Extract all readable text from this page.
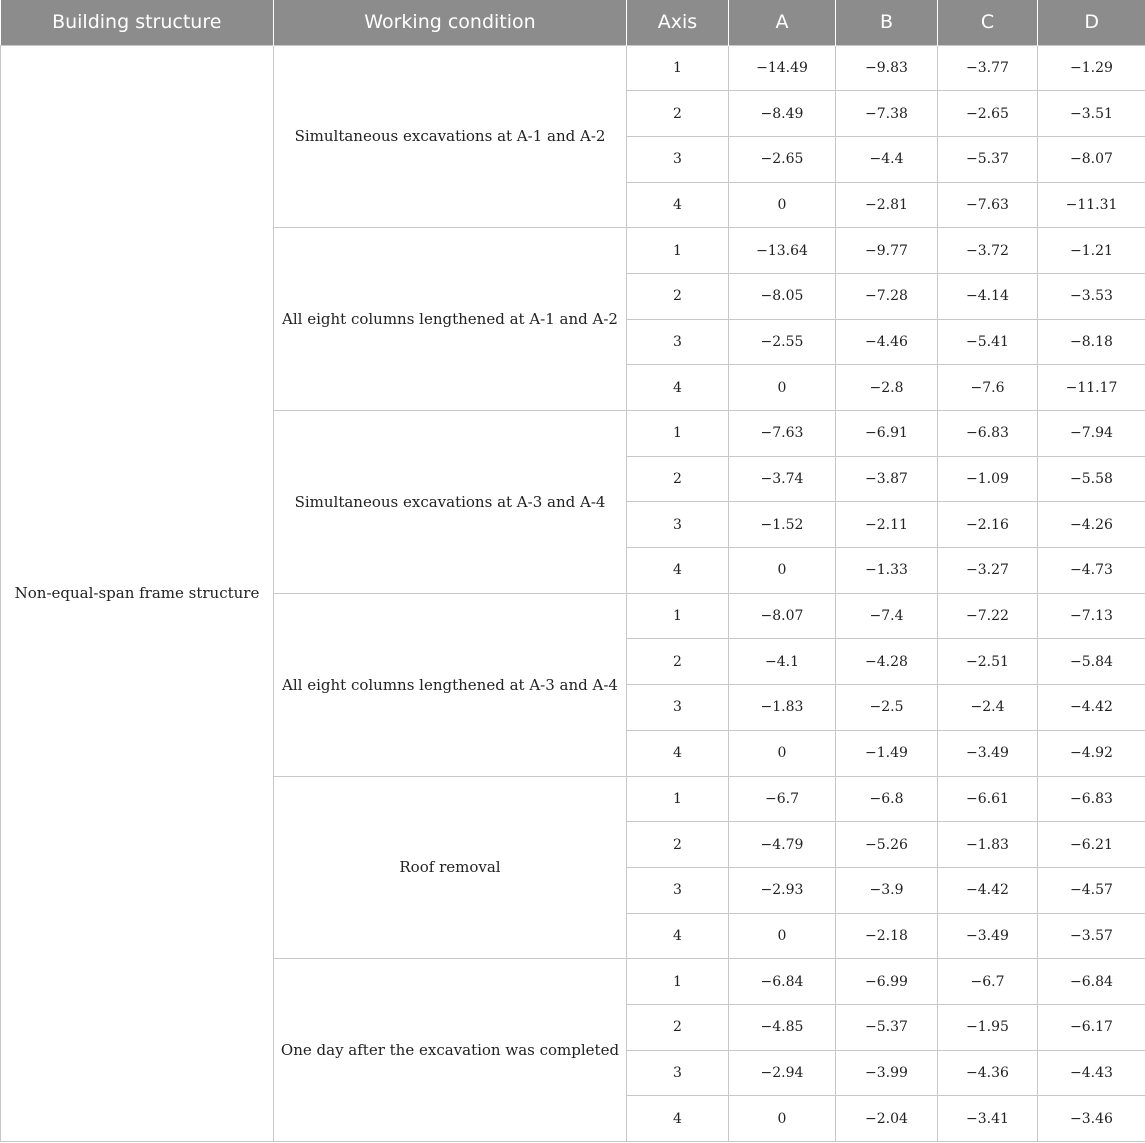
Building structure	Working condition	Axis	A	B	C	D
Non-equal-span frame structure	Simultaneous excavations at A-1 and A-2	1	−14.49	−9.83	−3.77	−1.29
		2	−8.49	−7.38	−2.65	−3.51
		3	−2.65	−4.4	−5.37	−8.07
		4	0	−2.81	−7.63	−11.31
	All eight columns lengthened at A-1 and A-2	1	−13.64	−9.77	−3.72	−1.21
		2	−8.05	−7.28	−4.14	−3.53
		3	−2.55	−4.46	−5.41	−8.18
		4	0	−2.8	−7.6	−11.17
	Simultaneous excavations at A-3 and A-4	1	−7.63	−6.91	−6.83	−7.94
		2	−3.74	−3.87	−1.09	−5.58
		3	−1.52	−2.11	−2.16	−4.26
		4	0	−1.33	−3.27	−4.73
	All eight columns lengthened at A-3 and A-4	1	−8.07	−7.4	−7.22	−7.13
		2	−4.1	−4.28	−2.51	−5.84
		3	−1.83	−2.5	−2.4	−4.42
		4	0	−1.49	−3.49	−4.92
	Roof removal	1	−6.7	−6.8	−6.61	−6.83
		2	−4.79	−5.26	−1.83	−6.21
		3	−2.93	−3.9	−4.42	−4.57
		4	0	−2.18	−3.49	−3.57
	One day after the excavation was completed	1	−6.84	−6.99	−6.7	−6.84
		2	−4.85	−5.37	−1.95	−6.17
		3	−2.94	−3.99	−4.36	−4.43
		4	0	−2.04	−3.41	−3.46
